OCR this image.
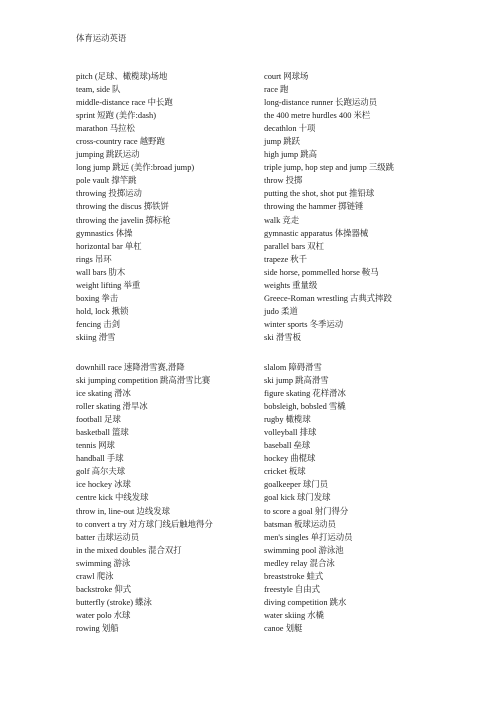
体育运动英语
pitch (足球、橄榄球)场地
team, side 队
middle-distance race 中长跑
sprint 短跑 (美作:dash)
marathon 马拉松
cross-country race 越野跑
jumping 跳跃运动
long jump 跳远 (美作:broad jump)
pole vault 撑竿跳
throwing 投掷运动
throwing the discus 掷铁饼
throwing the javelin 掷标枪
gymnastics 体操
horizontal bar 单杠
rings 吊环
wall bars 肋木
weight lifting 举重
boxing 拳击
hold, lock 揪锁
fencing 击剑
skiing 滑雪
court 网球场
race 跑
long-distance runner 长跑运动员
the 400 metre hurdles 400 米栏
decathlon 十项
jump 跳跃
high jump 跳高
triple jump, hop step and jump 三级跳
throw 投掷
putting the shot, shot put 推铅球
throwing the hammer 掷链锤
walk 竞走
gymnastic apparatus 体操器械
parallel bars 双杠
trapeze 秋千
side horse, pommelled horse 鞍马
weights 重量级
Greece-Roman wrestling 古典式摔跤
judo 柔道
winter sports 冬季运动
ski 滑雪板
downhill race 速降滑雪赛,滑降
ski jumping competition 跳高滑雪比赛
ice skating 滑冰
roller skating 滑旱冰
football 足球
basketball 篮球
tennis 网球
handball 手球
golf 高尔夫球
ice hockey 冰球
centre kick 中线发球
throw in, line-out 边线发球
to convert a try 对方球门线后触地得分
batter 击球运动员
in the mixed doubles 混合双打
swimming 游泳
crawl 爬泳
backstroke 仰式
butterfly (stroke) 蝶泳
water polo 水球
rowing 划船
slalom 障碍滑雪
ski jump 跳高滑雪
figure skating 花样滑冰
bobsleigh, bobsled 雪橇
rugby 橄榄球
volleyball 排球
baseball 垒球
hockey 曲棍球
cricket 板球
goalkeeper 球门员
goal kick 球门发球
to score a goal 射门得分
batsman 板球运动员
men's singles 单打运动员
swimming pool 游泳池
medley relay 混合泳
breaststroke 蛙式
freestyle 自由式
diving competition 跳水
water skiing 水橇
canoe 划艇
